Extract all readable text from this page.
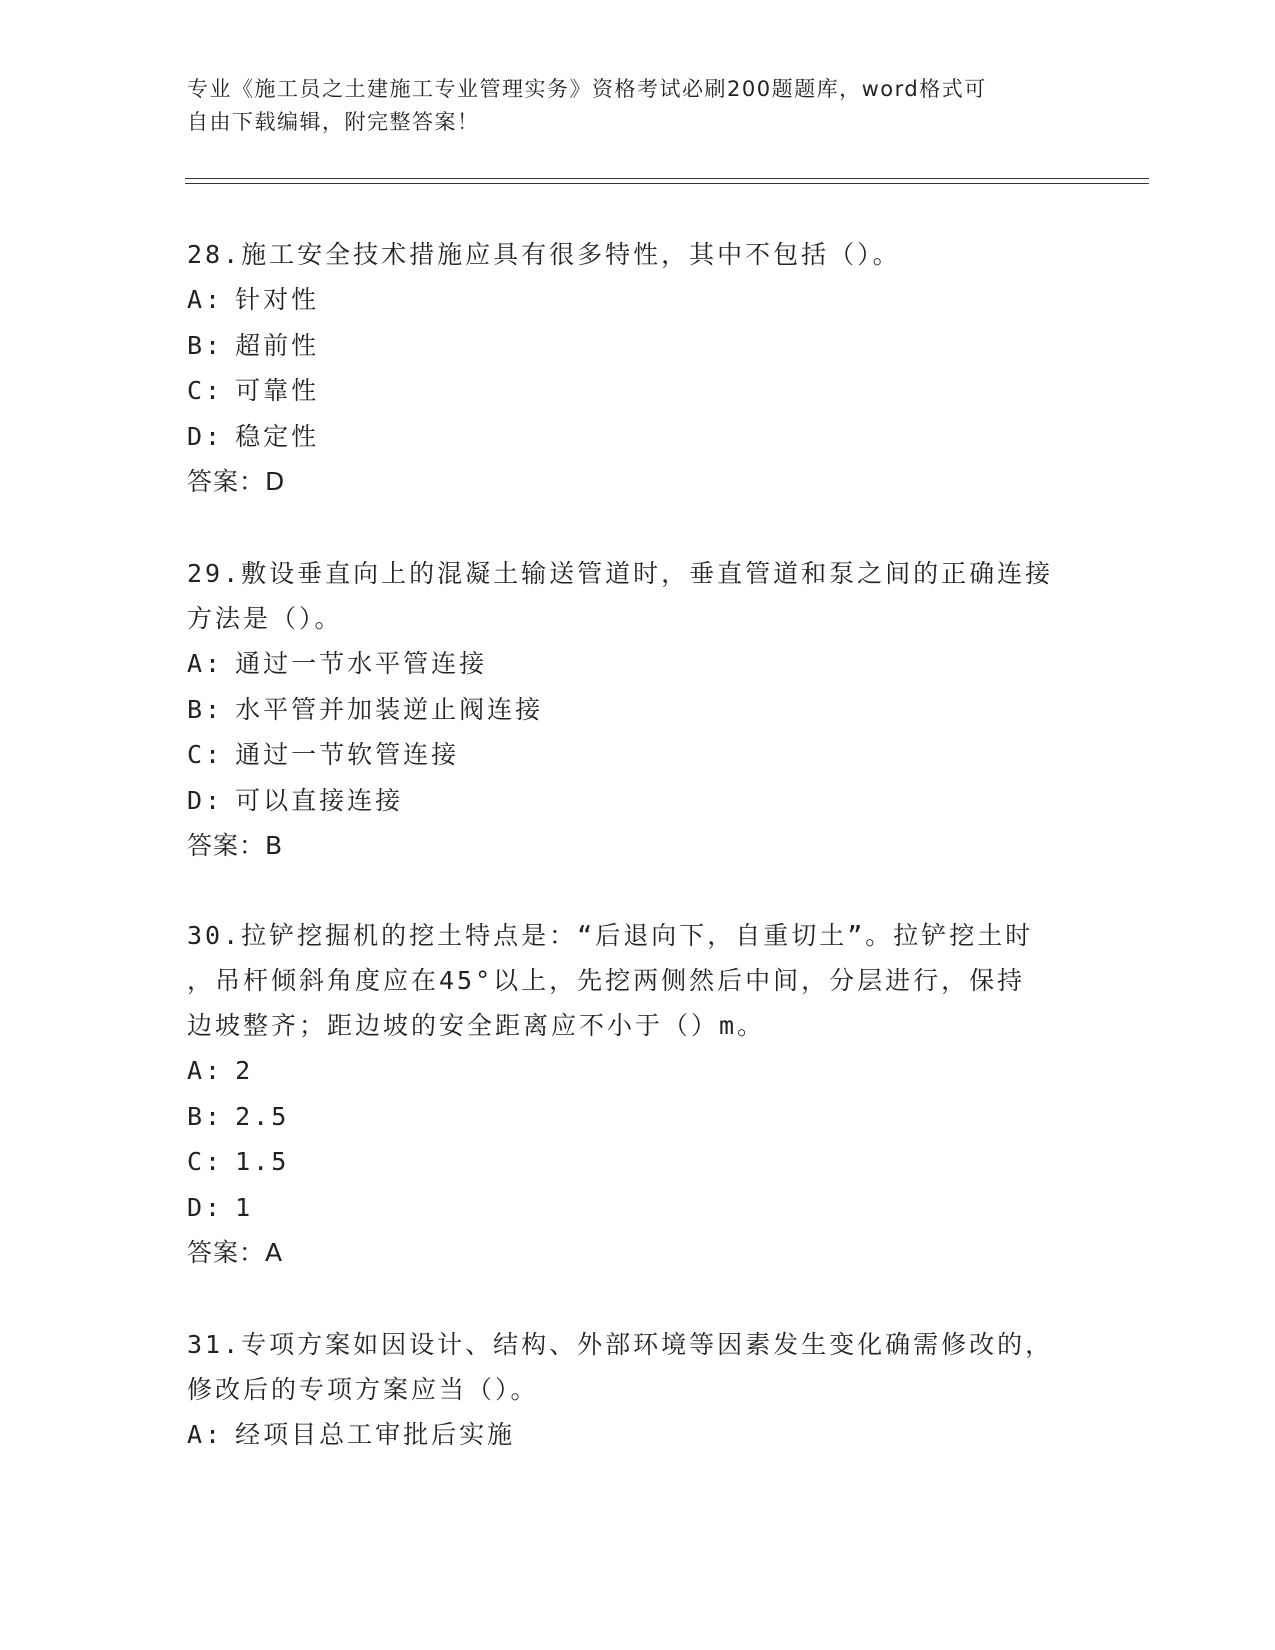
专业《施工员之土建施工专业管理实务》资格考试必刷200题题库，word格式可
自由下载编辑，附完整答案！

28.施工安全技术措施应具有很多特性，其中不包括（）。

A: 针对性

B: 超前性

C: 可靠性

D: 稳定性

答案：D

29.敷设垂直向上的混凝土输送管道时，垂直管道和泵之间的正确连接

方法是（）。

A: 通过一节水平管连接

B: 水平管并加装逆止阀连接

C: 通过一节软管连接

D: 可以直接连接

答案：B

30.拉铲挖掘机的挖土特点是：“后退向下，自重切土”。拉铲挖土时

，吊杆倾斜角度应在45°以上，先挖两侧然后中间，分层进行，保持

边坡整齐；距边坡的安全距离应不小于（）m。

A: 2

B: 2.5

C: 1.5

D: 1

答案：A

31.专项方案如因设计、结构、外部环境等因素发生变化确需修改的，

修改后的专项方案应当（）。

A: 经项目总工审批后实施
